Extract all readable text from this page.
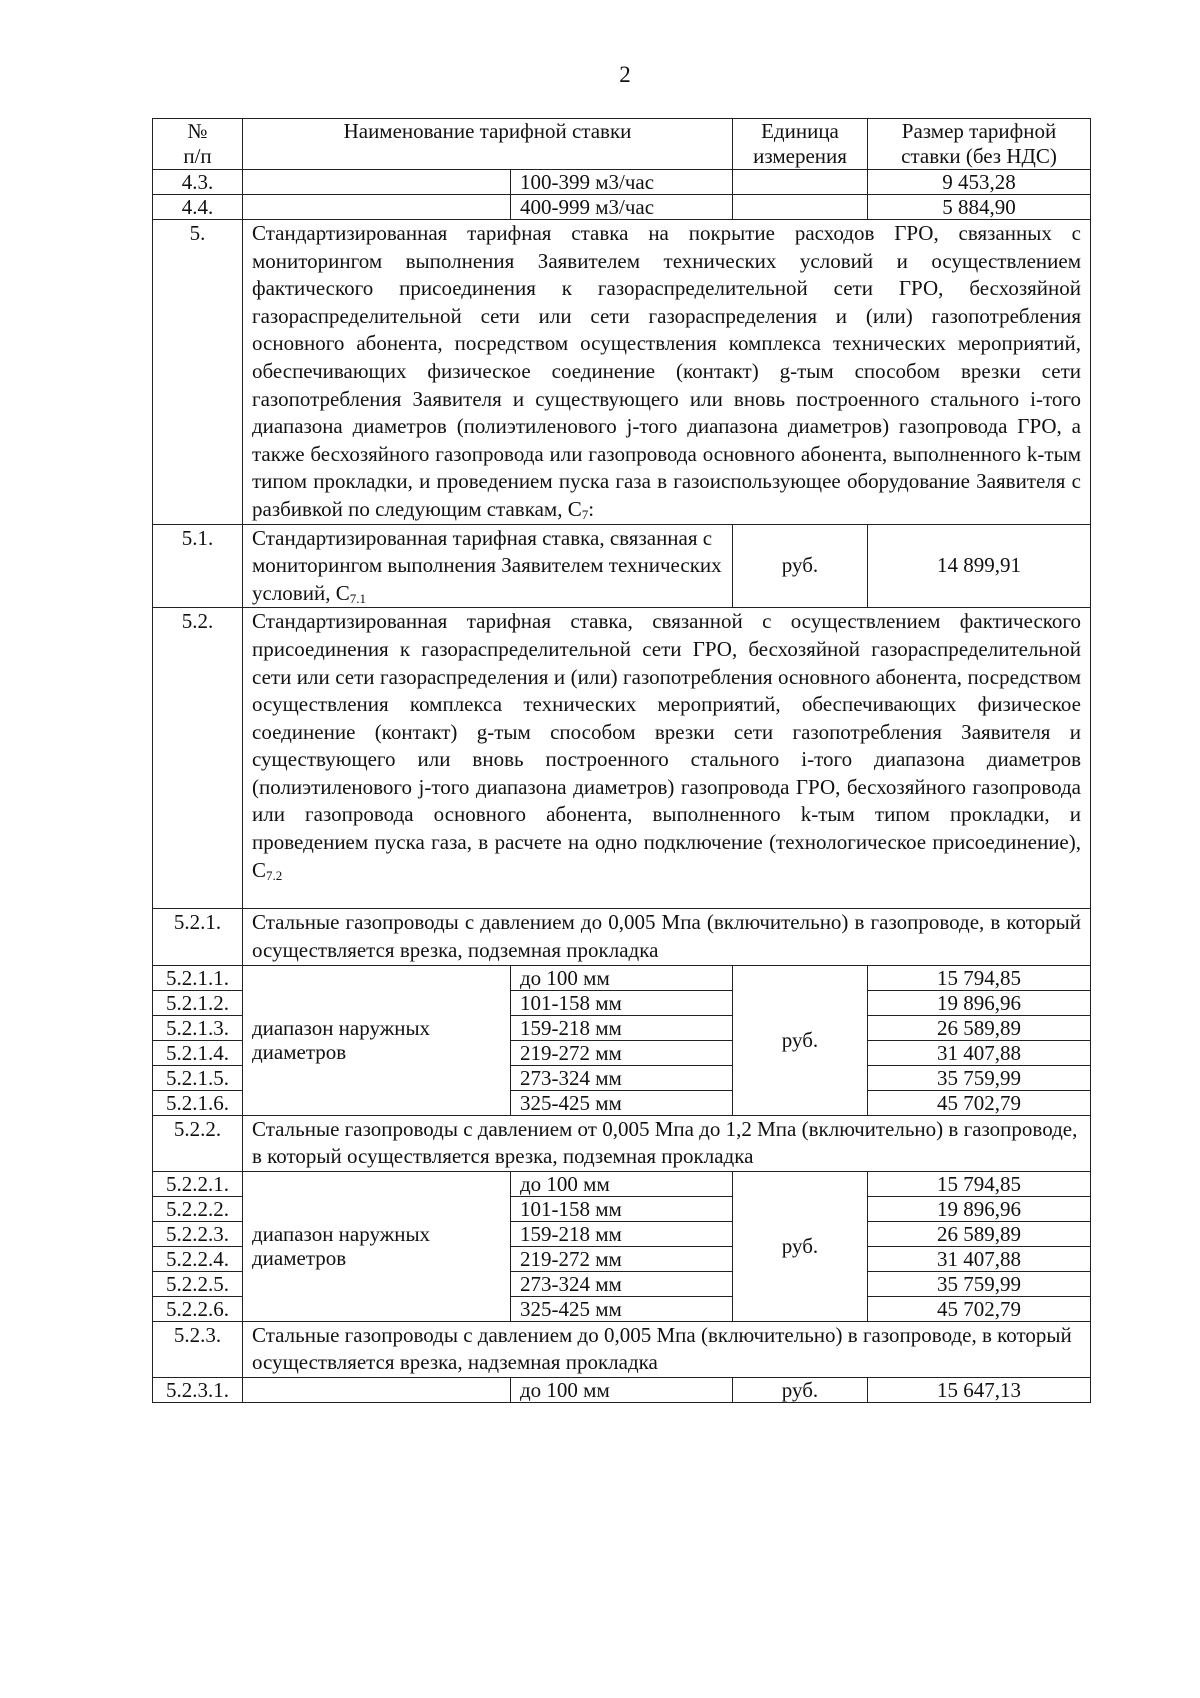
2
№
п/п	Наименование тарифной ставки		Единица измерения	Размер тарифной ставки (без НДС)
4.3.		100-399 м3/час		9 453,28
4.4.		400-999 м3/час		5 884,90
5.	Стандартизированная тарифная ставка на покрытие расходов ГРО, связанных с мониторингом выполнения Заявителем технических условий и осуществлением фактического присоединения к газораспределительной сети ГРО, бесхозяйной газораспределительной сети или сети газораспределения и (или) газопотребления основного абонента, посредством осуществления комплекса технических мероприятий, обеспечивающих физическое соединение (контакт) g-тым способом врезки сети газопотребления Заявителя и существующего или вновь построенного стального i-того диапазона диаметров (полиэтиленового j-того диапазона диаметров) газопровода ГРО, а также бесхозяйного газопровода или газопровода основного абонента, выполненного k-тым типом прокладки, и проведением пуска газа в газоиспользующее оборудование Заявителя с разбивкой по следующим ставкам, $С_7$:			
5.1.	Стандартизированная тарифная ставка, связанная с мониторингом выполнения Заявителем технических условий, $С_{7.1}$		руб.	14 899,91
5.2.	Стандартизированная тарифная ставка, связанной с осуществлением фактического присоединения к газораспределительной сети ГРО, бесхозяйной газораспределительной сети или сети газораспределения и (или) газопотребления основного абонента, посредством осуществления комплекса технических мероприятий, обеспечивающих физическое соединение (контакт) g-тым способом врезки сети газопотребления Заявителя и существующего или вновь построенного стального i-того диапазона диаметров (полиэтиленового j-того диапазона диаметров) газопровода ГРО, бесхозяйного газопровода или газопровода основного абонента, выполненного k-тым типом прокладки, и проведением пуска газа, в расчете на одно подключение (технологическое присоединение), $С_{7.2}$
5.2.1.	Стальные газопроводы с давлением до 0,005 Мпа (включительно) в газопроводе, в который осуществляется врезка, подземная прокладка			
5.2.1.1.	диапазон наружных диаметров	до 100 мм	руб.	15 794,85
5.2.1.2.		101-158 мм		19 896,96
5.2.1.3.		159-218 мм		26 589,89
5.2.1.4.		219-272 мм		31 407,88
5.2.1.5.		273-324 мм		35 759,99
5.2.1.6.		325-425 мм		45 702,79
5.2.2.	Стальные газопроводы с давлением от 0,005 Мпа до 1,2 Мпа (включительно) в газопроводе, в который осуществляется врезка, подземная прокладка			
5.2.2.1.	диапазон наружных диаметров	до 100 мм	руб.	15 794,85
5.2.2.2.		101-158 мм		19 896,96
5.2.2.3.		159-218 мм		26 589,89
5.2.2.4.		219-272 мм		31 407,88
5.2.2.5.		273-324 мм		35 759,99
5.2.2.6.		325-425 мм		45 702,79
5.2.3.	Стальные газопроводы с давлением до 0,005 Мпа (включительно) в газопроводе, в который осуществляется врезка, надземная прокладка			
5.2.3.1.		до 100 мм	руб.	15 647,13
